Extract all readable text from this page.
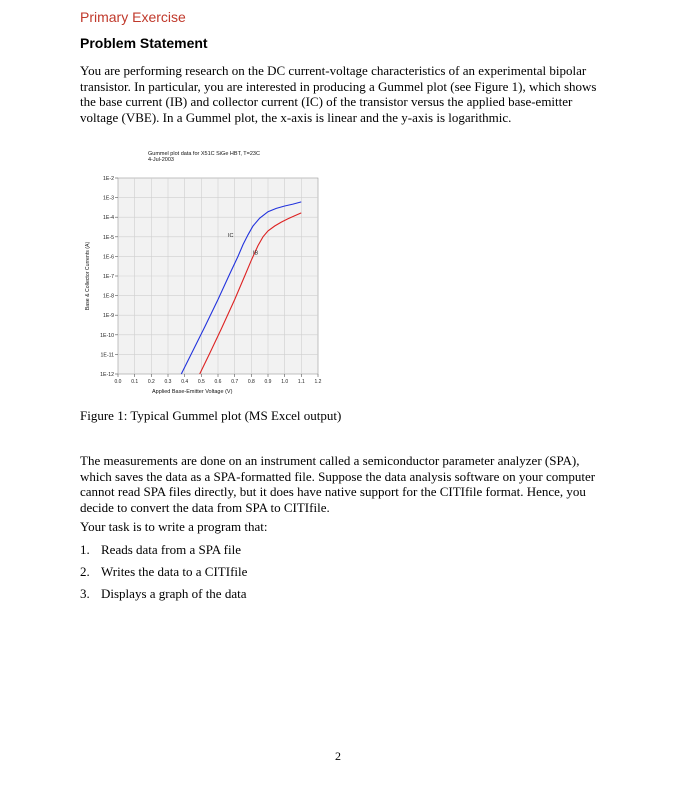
Primary Exercise
Problem Statement

You are performing research on the DC current-voltage characteristics of an experimental bipolar transistor. In particular, you are interested in producing a Gummel plot (see Figure 1), which shows the base current (IB) and collector current (IC) of the transistor versus the applied base-emitter voltage (VBE). In a Gummel plot, the x-axis is linear and the y-axis is logarithmic.

1E-2
1E-3
1E-4
1E-5
1E-6
1E-7
1E-8
1E-9
1E-10
1E-11
1E-12
0.0 0.1 0.2 0.3 0.4 0.5 0.6 0.7 0.8 0.9 1.0 1.1 1.2
IC
IB
Gummel plot data for X51C SiGe HBT, T=23C
4-Jul-2003
Applied Base-Emitter Voltage (V)
Base & Collector Currents (A)

Figure 1: Typical Gummel plot (MS Excel output)

The measurements are done on an instrument called a semiconductor parameter analyzer (SPA), which saves the data as a SPA-formatted file. Suppose the data analysis software on your computer cannot read SPA files directly, but it does have native support for the CITIfile format. Hence, you decide to convert the data from SPA to CITIfile.

Your task is to write a program that:

1. Reads data from a SPA file

2. Writes the data to a CITIfile

3. Displays a graph of the data

2
